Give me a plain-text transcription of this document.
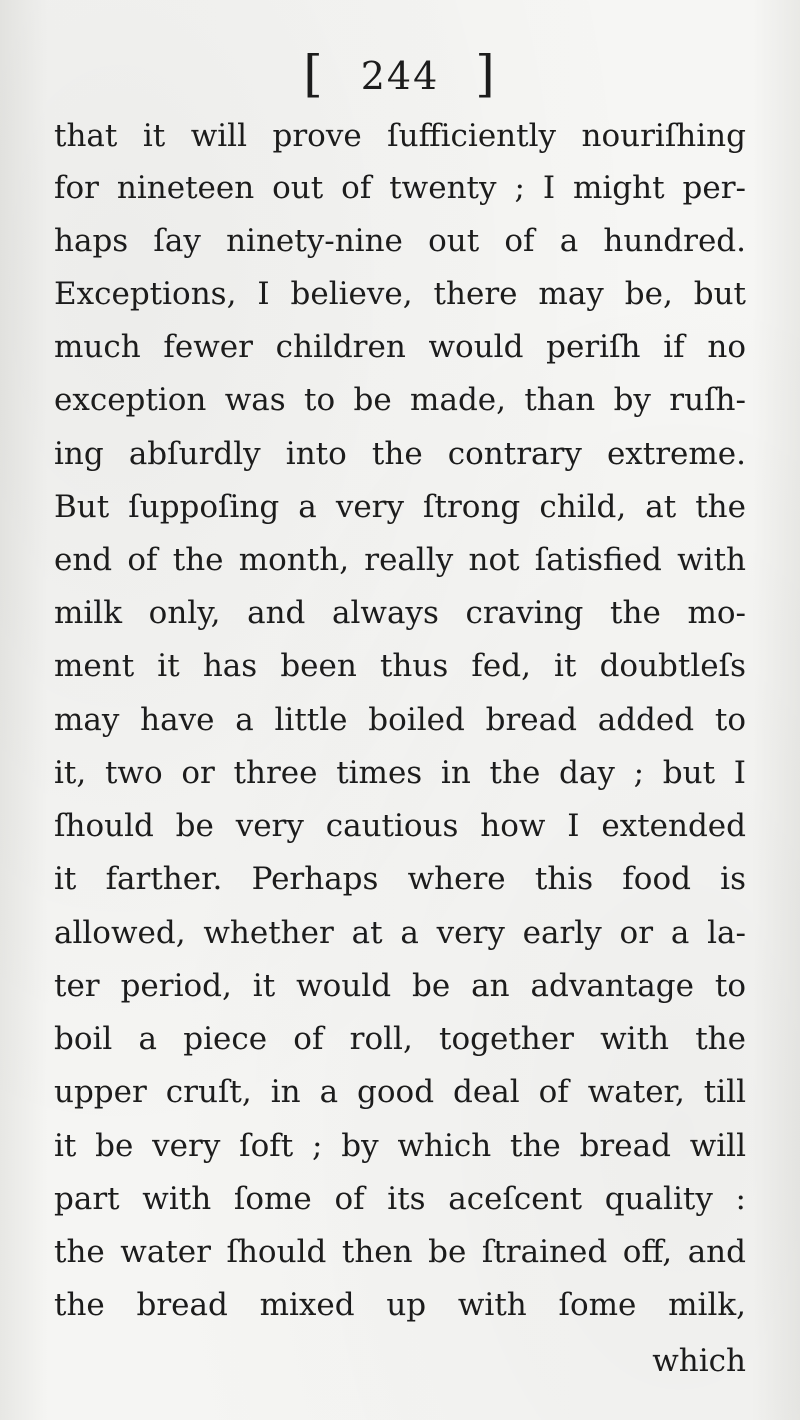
[ 244 ]
that it will prove ſufficiently nouriſhing
for nineteen out of twenty ; I might per-
haps ſay ninety-nine out of a hundred.
Exceptions, I believe, there may be, but
much fewer children would periſh if no
exception was to be made, than by ruſh-
ing abſurdly into the contrary extreme.
But ſuppoſing a very ſtrong child, at the
end of the month, really not ſatisfied with
milk only, and always craving the mo-
ment it has been thus fed, it doubtleſs
may have a little boiled bread added to
it, two or three times in the day ; but I
ſhould be very cautious how I extended
it farther. Perhaps where this food is
allowed, whether at a very early or a la-
ter period, it would be an advantage to
boil a piece of roll, together with the
upper cruſt, in a good deal of water, till
it be very ſoft ; by which the bread will
part with ſome of its aceſcent quality :
the water ſhould then be ſtrained off, and
the bread mixed up with ſome milk,
which
